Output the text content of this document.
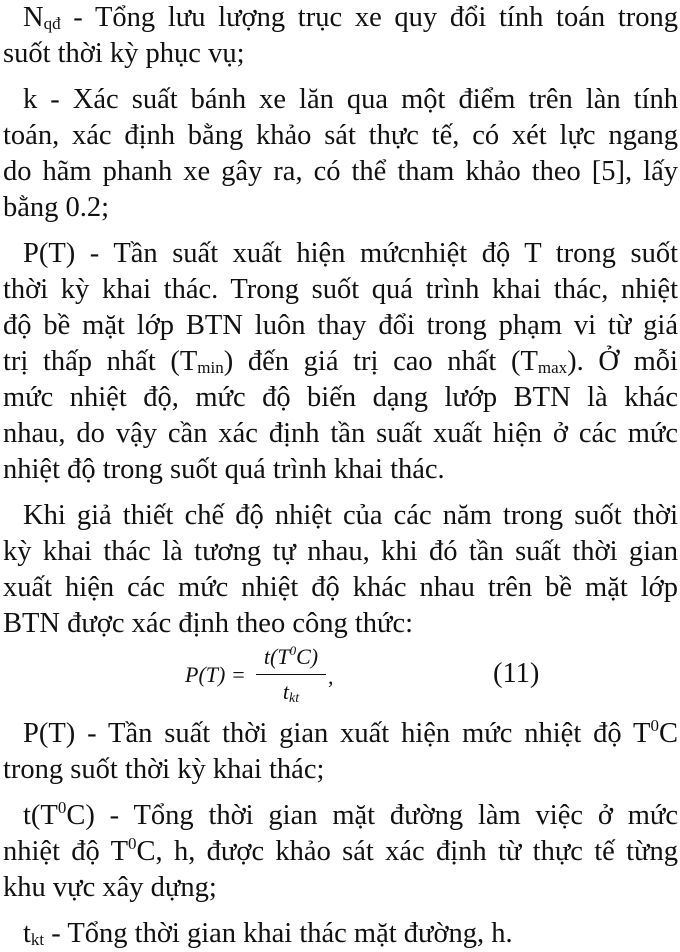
$N_{qđ}$ - Tổng lưu lượng trục xe quy đổi tính toán trong
suốt thời kỳ phục vụ;
k - Xác suất bánh xe lăn qua một điểm trên làn tính
toán, xác định bằng khảo sát thực tế, có xét lực ngang
do hãm phanh xe gây ra, có thể tham khảo theo [5], lấy
bằng 0.2;
P(T) - Tần suất xuất hiện mứcnhiệt độ T trong suốt
thời kỳ khai thác. Trong suốt quá trình khai thác, nhiệt
độ bề mặt lớp BTN luôn thay đổi trong phạm vi từ giá
trị thấp nhất $(T_{min})$ đến giá trị cao nhất $(T_{max})$. Ở mỗi
mức nhiệt độ, mức độ biến dạng lướp BTN là khác
nhau, do vậy cần xác định tần suất xuất hiện ở các mức
nhiệt độ trong suốt quá trình khai thác.
Khi giả thiết chế độ nhiệt của các năm trong suốt thời
kỳ khai thác là tương tự nhau, khi đó tần suất thời gian
xuất hiện các mức nhiệt độ khác nhau trên bề mặt lớp
BTN được xác định theo công thức:
P(T) =
$t(T^0C)$
$t_{kt}$
,	(11)
P(T) - Tần suất thời gian xuất hiện mức nhiệt độ $T^0C$
trong suốt thời kỳ khai thác;
$t(T^0C)$ - Tổng thời gian mặt đường làm việc ở mức
nhiệt độ $T^0C$, h, được khảo sát xác định từ thực tế từng
khu vực xây dựng;
$t_{kt}$ - Tổng thời gian khai thác mặt đường, h.
